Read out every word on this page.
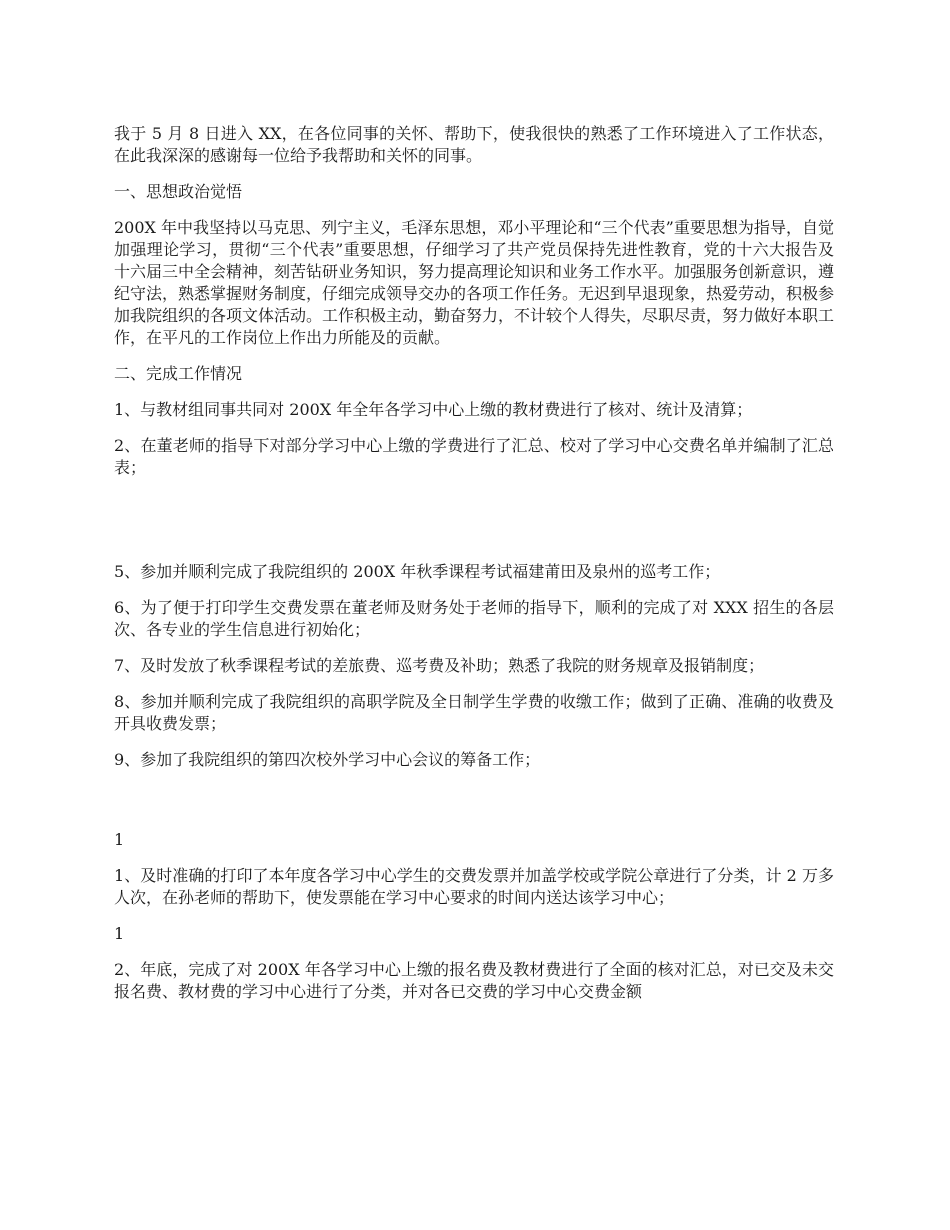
我于 5 月 8 日进入 XX，在各位同事的关怀、帮助下，使我很快的熟悉了工作环境进入了工作状态，在此我深深的感谢每一位给予我帮助和关怀的同事。

一、思想政治觉悟

200X 年中我坚持以马克思、列宁主义，毛泽东思想，邓小平理论和“三个代表”重要思想为指导，自觉加强理论学习，贯彻“三个代表”重要思想，仔细学习了共产党员保持先进性教育，党的十六大报告及十六届三中全会精神，刻苦钻研业务知识，努力提高理论知识和业务工作水平。加强服务创新意识，遵纪守法，熟悉掌握财务制度，仔细完成领导交办的各项工作任务。无迟到早退现象，热爱劳动，积极参加我院组织的各项文体活动。工作积极主动，勤奋努力，不计较个人得失，尽职尽责，努力做好本职工作，在平凡的工作岗位上作出力所能及的贡献。

二、完成工作情况

1、与教材组同事共同对 200X 年全年各学习中心上缴的教材费进行了核对、统计及清算；

2、在董老师的指导下对部分学习中心上缴的学费进行了汇总、校对了学习中心交费名单并编制了汇总表；

5、参加并顺利完成了我院组织的 200X 年秋季课程考试福建莆田及泉州的巡考工作；

6、为了便于打印学生交费发票在董老师及财务处于老师的指导下，顺利的完成了对 XXX 招生的各层次、各专业的学生信息进行初始化；

7、及时发放了秋季课程考试的差旅费、巡考费及补助；熟悉了我院的财务规章及报销制度；

8、参加并顺利完成了我院组织的高职学院及全日制学生学费的收缴工作；做到了正确、准确的收费及开具收费发票；

9、参加了我院组织的第四次校外学习中心会议的筹备工作；

1

1、及时准确的打印了本年度各学习中心学生的交费发票并加盖学校或学院公章进行了分类，计 2 万多人次，在孙老师的帮助下，使发票能在学习中心要求的时间内送达该学习中心；

1

2、年底，完成了对 200X 年各学习中心上缴的报名费及教材费进行了全面的核对汇总，对已交及未交报名费、教材费的学习中心进行了分类，并对各已交费的学习中心交费金额
